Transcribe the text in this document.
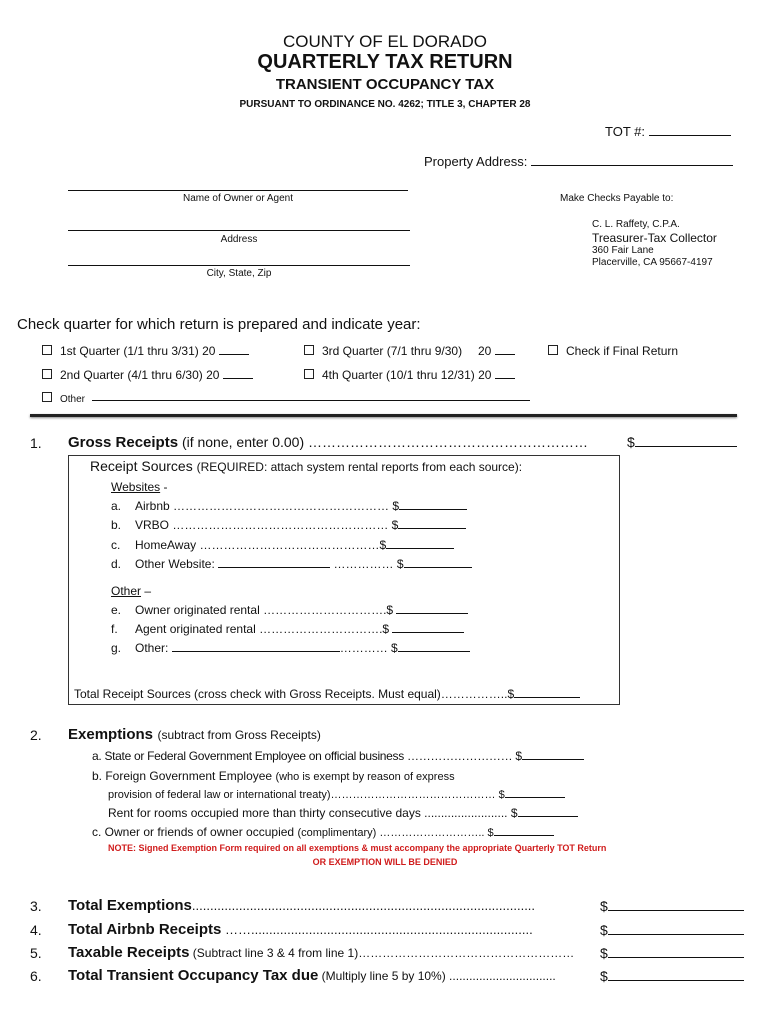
COUNTY OF EL DORADO
QUARTERLY TAX RETURN
TRANSIENT OCCUPANCY TAX
PURSUANT TO ORDINANCE NO. 4262; TITLE 3, CHAPTER 28
TOT #:
Property Address:
Name of Owner or Agent
Address
City, State, Zip
Make Checks Payable to:
C. L. Raffety, C.P.A.
Treasurer-Tax Collector
360 Fair Lane
Placerville, CA 95667-4197
Check quarter for which return is prepared and indicate year:
1st Quarter (1/1 thru 3/31) 20	3rd Quarter (7/1 thru 9/30) 20	Check if Final Return
2nd Quarter (4/1 thru 6/30) 20	4th Quarter (10/1 thru 12/31) 20
Other
1. Gross Receipts (if none, enter 0.00) ……………………………………………………	$
Receipt Sources (REQUIRED: attach system rental reports from each source):
Websites -
a. Airbnb ……………………………………………… $
b. VRBO ……………………………………………… $
c. HomeAway ………………………………………$
d. Other Website:	…………… $
Other –
e. Owner originated rental ………………………….$
f. Agent originated rental ………………………….$
g. Other:	………… $
Total Receipt Sources (cross check with Gross Receipts. Must equal)……………..$
2. Exemptions (subtract from Gross Receipts)
a. State or Federal Government Employee on official business ……………………… $
b. Foreign Government Employee (who is exempt by reason of express
provision of federal law or international treaty)……………………………………… $
Rent for rooms occupied more than thirty consecutive days ......................... $
c. Owner or friends of owner occupied (complimentary) ……………………….. $
NOTE: Signed Exemption Form required on all exemptions & must accompany the appropriate Quarterly TOT Return
OR EXEMPTION WILL BE DENIED
3. Total Exemptions...............................................................................................	$
4. Total Airbnb Receipts ……..............................................................................	$
5. Taxable Receipts (Subtract line 3 & 4 from line 1)……………………………………………… $
6. Total Transient Occupancy Tax due (Multiply line 5 by 10%) ................................	$
